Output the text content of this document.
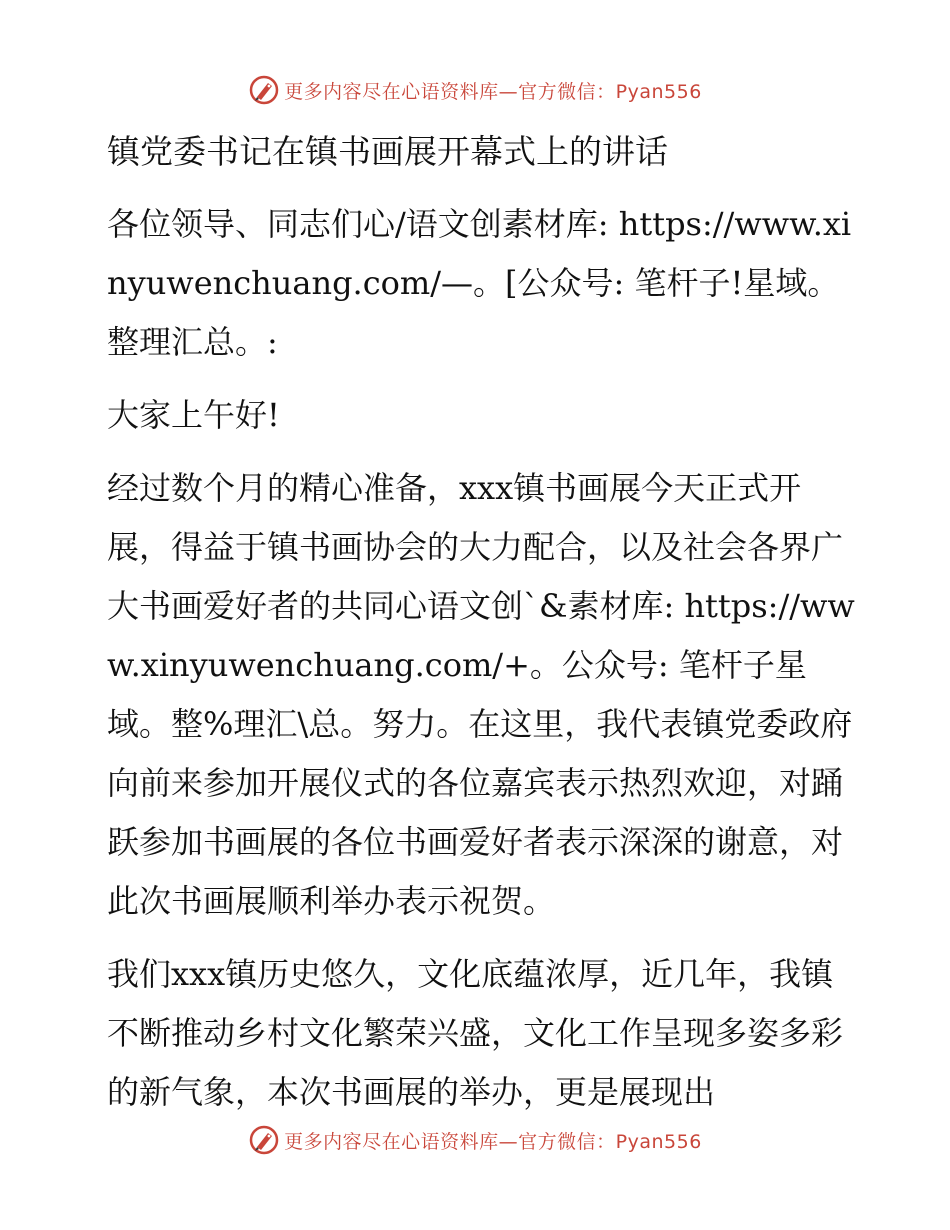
更多内容尽在心语资料库—官方微信：Pyan556
镇党委书记在镇书画展开幕式上的讲话

各位领导、同志们心/语文创素材库: https://www.xinyuwenchuang.com/—。[公众号: 笔杆子!星域。整理汇总。:

大家上午好!

经过数个月的精心准备，xxx镇书画展今天正式开展，得益于镇书画协会的大力配合，以及社会各界广大书画爱好者的共同心语文创`&素材库: https://www.xinyuwenchuang.com/+。公众号: 笔杆子星域。整%理汇\总。努力。在这里，我代表镇党委政府向前来参加开展仪式的各位嘉宾表示热烈欢迎，对踊跃参加书画展的各位书画爱好者表示深深的谢意，对此次书画展顺利举办表示祝贺。

我们xxx镇历史悠久，文化底蕴浓厚，近几年，我镇不断推动乡村文化繁荣兴盛，文化工作呈现多姿多彩的新气象，本次书画展的举办，更是展现出

更多内容尽在心语资料库—官方微信：Pyan556
